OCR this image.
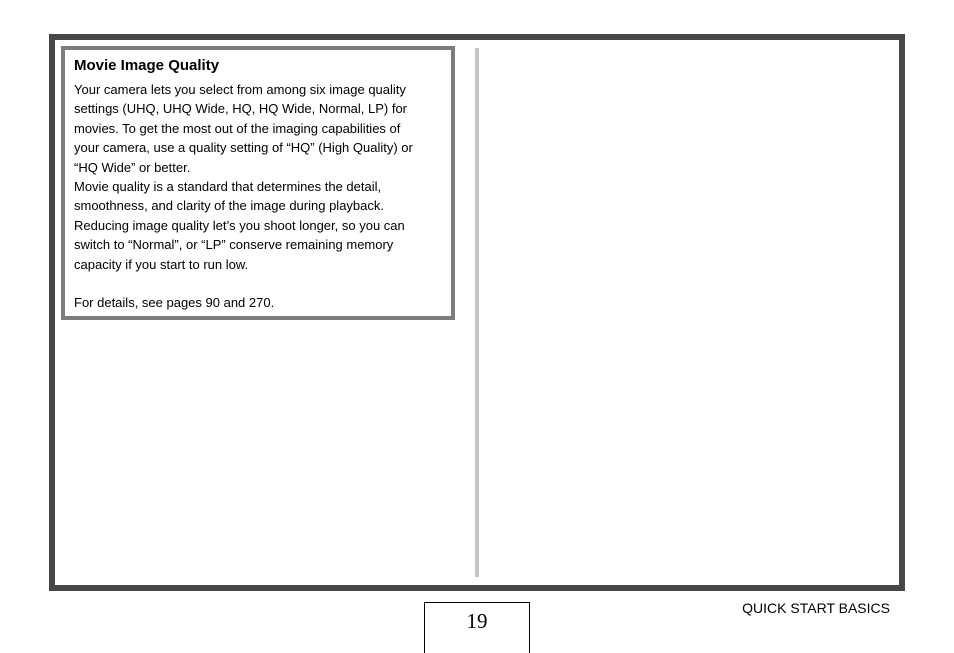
Movie Image Quality
Your camera lets you select from among six image quality
settings (UHQ, UHQ Wide, HQ, HQ Wide, Normal, LP) for
movies. To get the most out of the imaging capabilities of
your camera, use a quality setting of “HQ” (High Quality) or
“HQ Wide” or better.
Movie quality is a standard that determines the detail,
smoothness, and clarity of the image during playback.
Reducing image quality let’s you shoot longer, so you can
switch to “Normal”, or “LP” conserve remaining memory
capacity if you start to run low.
For details, see pages 90 and 270.
19
QUICK START BASICS
